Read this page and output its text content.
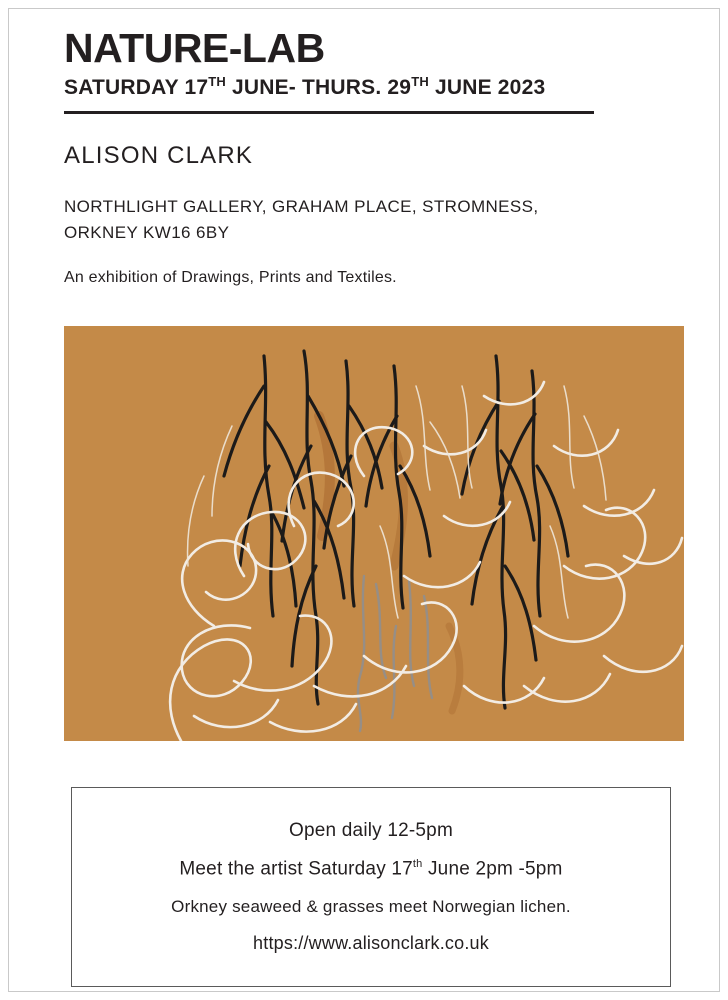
NATURE-LAB

SATURDAY 17TH JUNE- THURS. 29TH JUNE 2023

ALISON CLARK
NORTHLIGHT GALLERY, GRAHAM PLACE, STROMNESS,
ORKNEY KW16 6BY
An exhibition of Drawings, Prints and Textiles.
Open daily 12-5pm
Meet the artist Saturday 17th June 2pm -5pm
Orkney seaweed & grasses meet Norwegian lichen.
https://www.alisonclark.co.uk
